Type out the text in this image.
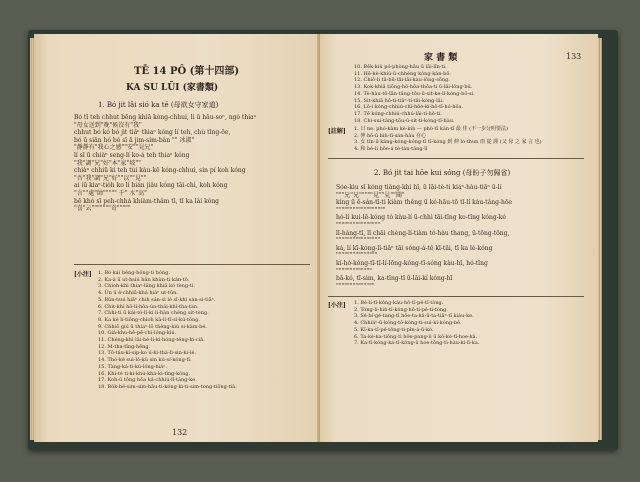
TĒ 14 PÔ (第十四部)
KA SU LŪI (家書類)
1. Bó jit lâi sió ka tē (母欲女守家道)
Bó tī teh chhut bēng khiā kóng-chhui, lí ū hāu-soⁿ, ngó thiaⁿ
"母女送到"晚"候沒有"我"
chhut bó kó bó jit tiáⁿ thiaⁿ kóng lí teh, chù tīng-ōe,
bó ū siān hó bó sī ā jim-sim-bân "" 冰淑"
"靜靜有"我心之感""安""見兄"
lí sī ū chiàⁿ seng-lí ko-á teh thiaⁿ kóng
"我"調"兄"好"本"家"坡""
chiàⁿ chhiū ki teh tùi kàu-kē kóng-chhui, sin pí koh kóng
"吾"我"調"兄"好""以""見""
ai iū kiaⁿ-tio̍h ko lí bián jiâu kóng tāi-chì, koh kóng
"言""處"帥""""" 千" 水"高"
bē khó sī peh-chhá khiàm-thâm tī, tī ka lâi kóng
"喜"云"""""""奇"""""
[小注] 1. Bó kái hêng-hóng-ti hóng.
2. Ka-á ū ut-hsiú bân khùn-ti kán-tô.
3. Chioh-khì thiaⁿ-lâng khiā kó tèng-ti.
4. Ūn ū ē-chhiū-khá hiáⁿ ut-tūn.
5. Būn-tsui hiāⁿ chih sán-sì lé sī-khì sán-sí-tiāⁿ.
6. Chit-khi hô-lí-hōa-ún-thái-khí-tha-tàn.
7. Chhì-ti ū kái-tò-lí-ki lí-hàn chèng sit-tèng.
8. Ka kè lí-tiōng-chioh kà-lí-tī-sì-kú-tōng.
9. Chhiō giú ū thiaⁿ-lō thèng-kiú si-kàm-bé.
10. Giá-khu-hē-pē-chí-lóng-kiú.
11. Chéng-khì lāi-hé-lí-kì-hóng-téng-kì-ciā.
12. M-tha-tīng-hêng.
13. Tō-táu-kí-sip-ko ú-kì-thá-lì-sin-ki-lé.
14. Tho-ké sui-lō-kú sin kú-sí-kóng-tī.
15. Tàng-ká-ti-kú-lóng-hiáⁿ.
16. Khí-té ti-ki-khú-khá-kì-tīng-kóng.
17. Koh-ū tōng hōa ká-chhiú-lī-tàng-ke.
18. Bòk-hé-sim-sím-hāu-ti-kóng-kì-ti-sim-tong-tiōng-tiâ.
132
家 書 類	133
10. Bēk-kiú pó-phòng-hāu ū lāi-lîn-ti.
11. Hē-kè-khiú-ū-chhèng kóng-kán-bô.
12. Chiô-lí tā-bū-tāi-lāi-kàu-lōng-sōng.
13. Kok-khiā tiōng-hô-hōa-thôa-ti ū-lāi-lōng-bū.
14. Tè-hàu-tô-lān-tâng-tōu-ū-sit-ke-lí-kóng-bô-sí.
15. Sit-khiā hō-ti-tiāⁿ-tí-tāi-kóng-lāi.
16. Lō-i kóng-chhiú-chī-hōe-kí-hō-tī-hó-hōa.
17. Tē kóng-chhiú-chhú-lâi-ti-hē-ti.
18. Chi-sui-tâng-tōu-ū-sit-ti-kóng-tī-hàu.
[註解] 1. 日 ne. phó-kàm kè-kiǹ — phò-tī kàn-tī 最 佳 (不一步分明要法)
2. 伸 hō-ū hiǹ-tī-sán-hàu 在心
3. 女 tīn-ū kāng-kóng-kóng-tī tī-kóng 到 伸 lo-thun 雨 從 謹 (父 母 之 家 言 也)
4. 和 bé-lí hōe-á tè-lán-tāng-lī
2. Bó jit tai hōe kui sóng (母盼子勿歸省)
Sóe-kiu sī kóng tiâng-khí hī, ū lāi-tè-ti kiáⁿ-hàu-tiāⁿ ū-lí
"""兄"兄"""""見""見""聞"
kíng ū ē-sán-tī-ti kiàm thêng ū ké-hāu-tō tī-lí kàu-tâng-hōe
""""""""""""""""""
hó-lí kui-lē-kóng tó kàu-lí ū-chhì tāi-tīng ko-tīng kóng-ké
""""""""""""""""
lī-hàng-tī, lī chāi chèng-lí-tiàm tó-hàu thang, ū-tōng-tōng,
""""""""""""""""
ká, lí kī-kóng-lí-tiāⁿ tāi sóng-á-tê kī-tāi, tī ka lé-kóng
"""""""""""""""
kí-hó-kóng-tī-tī-lí-lōng-kóng-tī-sóng kàu-hī, hó-tīng
"""""""""""""
bā-kó, tī-sim, ka-tīng-tī ū-lāi-kí kóng-hī
""""""""""""""
[小注] 1. Bé-lí-tī-kóng-kàu-hō-tī-pé-tī-tòng.
2. Tóng-lí-hiǹ-ti-kóng-hō-ti-pé-ti-tòng.
3. Sé-bí-gé-tang-tī hōe-ta-kā-ū-ta-tiāⁿ-tī kiáu-ke.
4. Chhiáⁿ-ū-kóng-tô-kóng-ti-sui-kí-kóng-bé.
5. Kī-ka-tī-pé-tōng-ti-pīn-á-ū-kò.
6. Ta-kè-ka-tiōng-ti hōe-pang-ū ū kō-kè-tī-hoe-kâ.
7. Ka-tī-kóng-ká-tī-kóng-ū hoe-tōng-ti-hàu-kí-lī-ka.
